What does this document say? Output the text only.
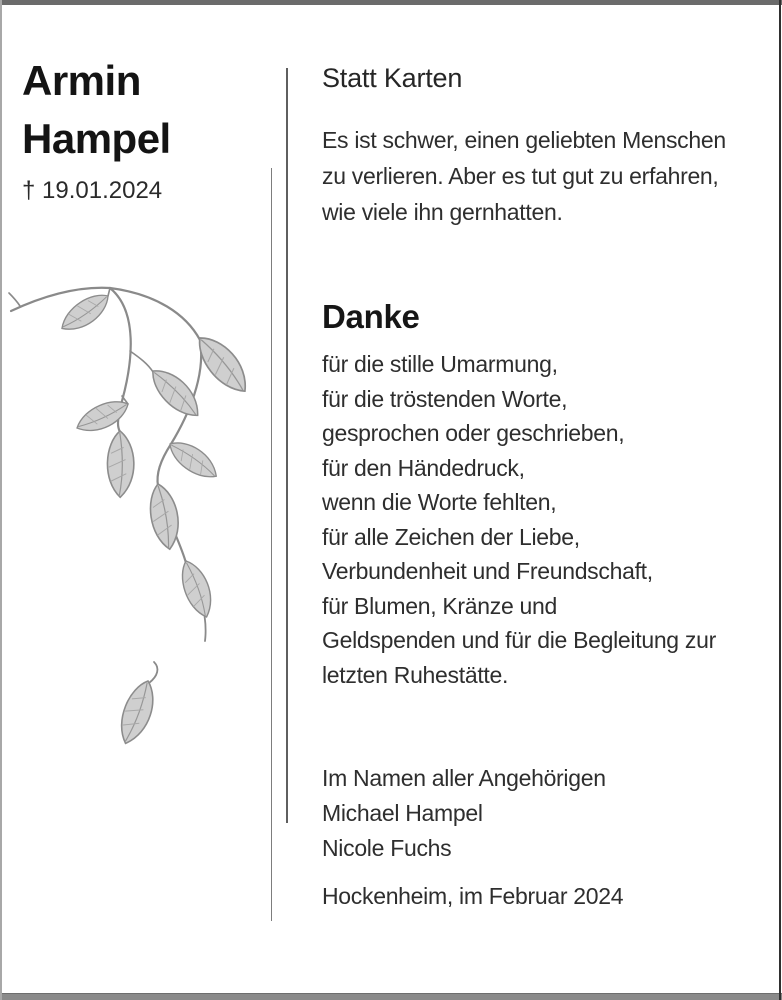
Armin
Hampel
† 19.01.2024
Statt Karten
Es ist schwer, einen geliebten Menschen
zu verlieren. Aber es tut gut zu erfahren,
wie viele ihn gernhatten.
Danke
für die stille Umarmung,
für die tröstenden Worte,
gesprochen oder geschrieben,
für den Händedruck,
wenn die Worte fehlten,
für alle Zeichen der Liebe,
Verbundenheit und Freundschaft,
für Blumen, Kränze und
Geldspenden und für die Begleitung zur
letzten Ruhestätte.
Im Namen aller Angehörigen
Michael Hampel
Nicole Fuchs
Hockenheim, im Februar 2024
